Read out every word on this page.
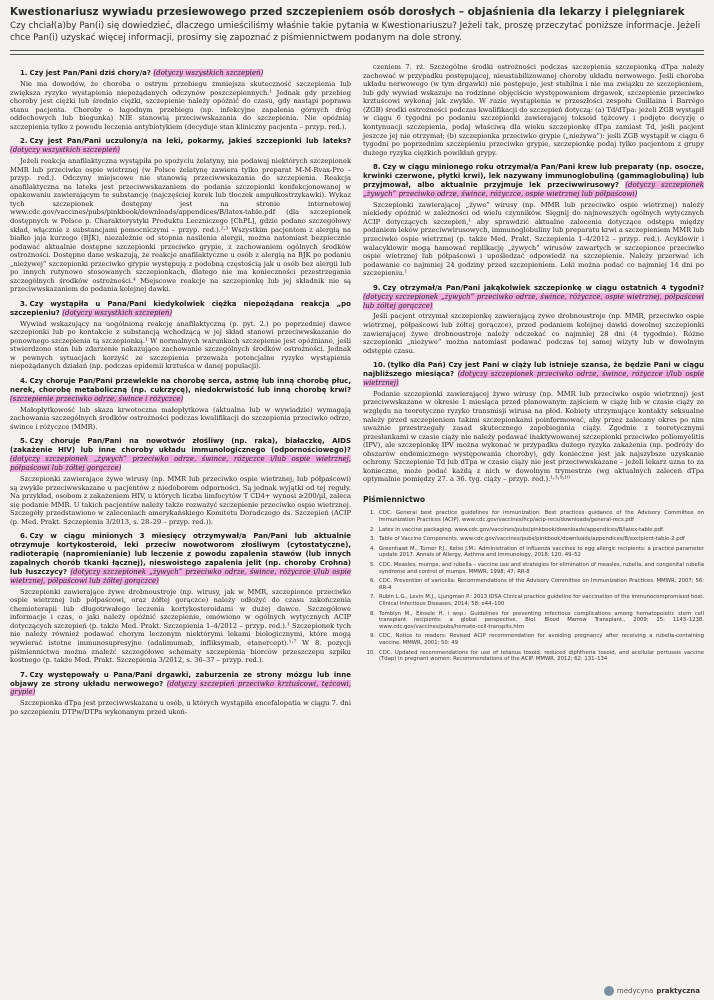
Kwestionariusz wywiadu przesiewowego przed szczepieniem osób dorosłych – objaśnienia dla lekarzy i pielęgniarek

Czy chciał(a)by Pan(i) się dowiedzieć, dlaczego umieściliśmy właśnie takie pytania w Kwestionariuszu? Jeżeli tak, proszę przeczytać poniższe informacje. Jeżeli chce Pan(i) uzyskać więcej informacji, prosimy się zapoznać z piśmiennictwem podanym na dole strony.

1. Czy jest Pan/Pani dziś chory/a? (dotyczy wszystkich szczepień)

Nie ma dowodów, że choroba o ostrym przebiegu zmniejsza skuteczność szczepienia lub zwiększa ryzyko wystąpienia niepożądanych odczynów poszczepiennych.¹ Jednak gdy przebieg choroby jest ciężki lub średnio ciężki, szczepienie należy opóźnić do czasu, gdy nastąpi poprawa stanu pacjenta. Choroby o łagodnym przebiegu (np. infekcyjne zapalenia górnych dróg oddechowych lub biegunka) NIE stanowią przeciwwskazania do szczepienia. Nie opóźniaj szczepienia tylko z powodu leczenia antybiotykiem (decyduje stan kliniczny pacjenta – przyp. red.).

2. Czy jest Pan/Pani uczulony/a na leki, pokarmy, jakieś szczepionki lub lateks? (dotyczy wszystkich szczepień)

Jeżeli reakcja anafilaktyczna wystąpiła po spożyciu żelatyny, nie podawaj niektórych szczepionek MMR lub przeciwko ospie wietrznej (w Polsce żelatynę zawiera tylko preparat M-M-Rvax-Pro – przyp. red.). Odczyny miejscowe nie stanowią przeciwwskazania do szczepienia. Reakcja anafilaktyczna na lateks jest przeciwwskazaniem do podania szczepionki konfekcjonowanej w opakowaniu zawierającym te substancję (najczęściej korek lub tłoczek ampułkostrzykawki). Wykaz tych szczepionek dostępny jest na stronie internetowej www.cdc.gov/vaccines/pubs/pinkbook/downloads/appendices/B/latex-table.pdf (dla szczepionek dostępnych w Polsce p. Charakterystyki Produktu Leczniczego [ChPL], gdzie podano szczegółowy skład, włącznie z substancjami pomocniczymi – przyp. red.).²˒³ Wszystkim pacjentom z alergią na białko jaja kurzego (BJK), niezależnie od stopnia nasilenia alergii, można natomiast bezpiecznie podawać aktualnie dostępne szczepionki przeciwko grypie, z zachowaniem ogólnych środków ostrożności. Dostępne dane wskazują, że reakcje anafilaktyczne u osób z alergią na BJK po podaniu „nieżywej” szczepionki przeciwko grypie występują z podobną częstością jak u osób bez alergii lub po innych rutynowo stosowanych szczepionkach, dlatego nie ma konieczności przestrzegania szczególnych środków ostrożności.⁴ Miejscowe reakcje na szczepionkę lub jej składnik nie są przeciwwskazaniem do podania kolejnej dawki.

3. Czy wystąpiła u Pana/Pani kiedykolwiek ciężka niepożądana reakcja „po szczepieniu? (dotyczy wszystkich szczepień)

Wywiad wskazujący na uogólnioną reakcję anafilaktyczną (p. pyt. 2.) po poprzedniej dawce szczepionki lub po kontakcie z substancją wchodzącą w jej skład stanowi przeciwwskazanie do ponownego szczepienia tą szczepionką.¹ W normalnych warunkach szczepienie jest opóźniane, jeśli stwierdzono stan lub zdarzenie nakazujące zachowanie szczególnych środków ostrożności. Jednak w pewnych sytuacjach korzyść ze szczepienia przeważa potencjalne ryzyko wystąpienia niepożądanych działań (np. podczas epidemii krztuśca w danej populacji).

4. Czy choruje Pan/Pani przewlekle na chorobę serca, astmę lub inną chorobę płuc, nerek, chorobę metaboliczną (np. cukrzycę), niedokrwistość lub inną chorobę krwi? (szczepienie przeciwko odrze, śwince i różyczce)

Małopłytkowość lub skaza krwotoczna małopłytkowa (aktualna lub w wywiadzie) wymagają zachowania szczególnych środków ostrożności podczas kwalifikacji do szczepienia przeciwko odrze, śwince i różyczce (MMR).

5. Czy choruje Pan/Pani na nowotwór złośliwy (np. raka), białaczkę, AIDS (zakażenie HIV) lub inne choroby układu immunologicznego (odpornościowego)? (dotyczy szczepionek „żywych” przeciwko odrze, śwince, różyczce i/lub ospie wietrznej, półpaścowi lub żółtej gorączce)

Szczepionki zawierające żywe wirusy (np. MMR lub przeciwko ospie wietrznej, lub półpaścowi) są zwykle przeciwwskazane u pacjentów z niedoborem odporności. Są jednak wyjątki od tej reguły. Na przykład, osobom z zakażeniem HIV, u których liczba limfocytów T CD4+ wynosi ≥200/µl, zaleca się podanie MMR. U takich pacjentów należy także rozważyć szczepienie przeciwko ospie wietrznej. Szczegóły przedstawiono w zaleceniach amerykańskiego Komitetu Doradczego ds. Szczepień (ACIP (p. Med. Prakt. Szczepienia 3/2013, s. 28–29 – przyp. red.)).

6. Czy w ciągu minionych 3 miesięcy otrzymywał/a Pan/Pani lub aktualnie otrzymuje kortykosteroid, leki przeciw nowotworom złośliwym (cytostatyczne), radioterapię (napromienianie) lub leczenie z powodu zapalenia stawów (lub innych zapalnych chorób tkanki łącznej), nieswoistego zapalenia jelit (np. choroby Crohna) lub łuszczycy? (dotyczy szczepionek „żywych” przeciwko odrze, śwince, różyczce i/lub ospie wietrznej, półpaścowi lub żółtej gorączce)

Szczepionki zawierające żywe drobnoustroje (np. wirusy, jak w MMR, szczepionce przeciwko ospie wietrznej lub półpaścowi, oraz żółtej gorączce) należy odłożyć do czasu zakończenia chemioterapii lub długotrwałego leczenia kortykosteroidami w dużej dawce. Szczegółowe informacje i czas, o jaki należy opóźnić szczepienie, omówiono w ogólnych wytycznych ACIP dotyczących szczepień (p. także Med. Prakt. Szczepienia 1–4/2012 – przyp. red.).¹ Szczepionek tych nie należy również podawać chorym leczonym niektórymi lekami biologicznymi, które mogą wywierać istotne immunosupresyjne (adalimumab, infliksymab, etanercept).¹˒⁷ W 8. pozycji piśmiennictwa można znaleźć szczegółowe schematy szczepienia biorców przeszczepu szpiku kostnego (p. także Med. Prakt. Szczepienia 3/2012, s. 36–37 – przyp. red.).

7. Czy występowały u Pana/Pani drgawki, zaburzenia ze strony mózgu lub inne objawy ze strony układu nerwowego? (dotyczy szczepień przeciwko krztuścowi, tężcowi, grypie)

Szczepionka dTpa jest przeciwwskazana u osób, u których wystąpiła encefalopatia w ciągu 7. dni po szczepieniu DTPw/DTPa wykonanym przed ukoń-

czeniem 7. rż. Szczególne środki ostrożności podczas szczepienia szczepionką dTpa należy zachować w przypadku postępującej, nieustabilizowanej choroby układu nerwowego. Jeśli choroba układu nerwowego (w tym drgawki) nie postępuje, jest stabilna i nie ma związku ze szczepieniem, lub gdy wywiad wskazuje na rodzinne objęciście występowaniem drgawek, szczepienie przeciwko krztuścowi wykonaj jak zwykle. W razie wystąpienia w przeszłości zespołu Guillaina i Barrégo (ZGB) środki ostrożności podczas kwalifikacji do szczepień dotyczą: (a) Td/dTpa: jeżeli ZGB wystąpił w ciągu 6 tygodni po podaniu szczepionki zawierającej toksoid tężcowy i podjęto decyzję o kontynuacji szczepienia, podaj właściwą dla wieku szczepionkę dTpa zamiast Td, jeśli pacjent jeszcze jej nie otrzymał; (b) szczepionka przeciwko grypie („nieżywa”): jeśli ZGB wystąpił w ciągu 6 tygodni po poprzednim szczepieniu przeciwko grypie, szczepionkę podaj tylko pacjentom z grupy dużego ryzyka ciężkich powikłań grypy.

8. Czy w ciągu minionego roku otrzymał/a Pan/Pani krew lub preparaty (np. osocze, krwinki czerwone, płytki krwi), lek nazywany immunoglobuliną (gammaglobuliną) lub przyjmował, albo aktualnie przyjmuje lek przeciwwirusowy? (dotyczy szczepionek „żywych” przeciwko odrze, śwince, różyczce, ospie wietrznej lub półpaścowi)

Szczepionki zawierającej „żywe” wirusy (np. MMR lub przeciwko ospie wietrznej) należy niekiedy opóźnić w zależności od wielu czynników. Sięgnij do najnowszych ogólnych wytycznych ACIP dotyczących szczepień,¹ aby sprawdzić aktualne zalecenia dotyczące odstępu między podaniem leków przeciwwirusowych, immunoglobuliny lub preparatu krwi a szczepieniem MMR lub przeciwko ospie wietrznej (p. także Med. Prakt. Szczepienia 1–4/2012 – przyp. red.). Acyklowir i walacyklowir mogą hamować replikację „żywych” wirusów zawartych w szczepionce przeciwko ospie wietrznej lub półpaścowi i upośledzać odpowiedź na szczepienie. Należy przerwać ich podawanie co najmniej 24 godziny przed szczepieniem. Leki można podać co najmniej 14 dni po szczepieniu.¹

9. Czy otrzymał/a Pan/Pani jakąkolwiek szczepionkę w ciągu ostatnich 4 tygodni? (dotyczy szczepionek „żywych” przeciwko odrze, śwince, różyczce, ospie wietrznej, półpaścowi lub żółtej gorączce)

Jeśli pacjent otrzymał szczepionkę zawierającą żywe drobnoustroje (np. MMR, przeciwko ospie wietrznej, półpaścowi lub żółtej gorączce), przed podaniem kolejnej dawki dowolnej szczepionki zawierającej żywe drobnoustroje należy odczekać co najmniej 28 dni (4 tygodnie). Różne szczepionki „nieżywe” można natomiast podawać podczas tej samej wizyty lub w dowolnym odstępie czasu.

10. (tylko dla Pań) Czy jest Pani w ciąży lub istnieje szansa, że będzie Pani w ciągu najbliższego miesiąca? (dotyczy szczepionek przeciwko odrze, śwince, różyczce i/lub ospie wietrznej)

Podanie szczepionki zawierającej żywe wirusy (np. MMR lub przeciwko ospie wietrznej) jest przeciwwskazane w okresie 1 miesiąca przed planowanym zajściem w ciążę lub w czasie ciąży ze względu na teoretyczne ryzyko transmisji wirusa na płód. Kobiety utrzymujące kontakty seksualne należy przed szczepieniem takimi szczepionkami poinformować, aby przez zalecany okres po nim uważnie przestrzegały zasad skutecznego zapobiegania ciąży. Zgodnie z teoretycznymi przesłankami w czasie ciąży nie należy podawać inaktywowanej szczepionki przeciwko poliomyelitis (IPV), ale szczepionkę IPV można wykonać w przypadku dużego ryzyka zakażenia (np. podróży do obszarów endemicznego występowania choroby), gdy konieczne jest jak najszybsze uzyskanie ochrony. Szczepienie Td lub dTpa w czasie ciąży nie jest przeciwwskazane – jeżeli lekarz uzna to za konieczne, może podać każdą z nich w dowolnym trymestrze (wg aktualnych zaleceń dTpa optymalnie pomiędzy 27. a 36. tyg. ciąży – przyp. red.).¹˒³˒⁹˒¹⁰

Piśmiennictwo
1. CDC. General best practice guidelines for immunization. Best practices guidance of the Advisory Committee on Immunization Practices (ACIP). www.cdc.gov/vaccines/hcp/acip-recs/downloads/general-recs.pdf
2. Latex in vaccine packaging. www.cdc.gov/vaccines/pubs/pinkbook/downloads/appendices/B/latex-table.pdf.
3. Table of Vaccine Components. www.cdc.gov/vaccines/pubs/pinkbook/downloads/appendices/B/excipient-table-2.pdf
4. Greenhawt M., Turner P.J., Kelso J.M.: Administration of influenza vaccines to egg allergic recipients: a practice parameter update 2017. Annals of Allergy, Asthma and Immunology, 2018; 120: 49–52
5. CDC. Measles, mumps, and rubella – vaccine use and strategies for elimination of measles, rubella, and congenital rubella syndrome and control of mumps. MMWR, 1998; 47: RR-8
6. CDC. Prevention of varicella: Recommendations of the Advisory Committee on Immunization Practices. MMWR, 2007; 56: RR-4
7. Rubin L.G., Levin M.J., Ljungman P.: 2013 IDSA Clinical practice guideline for vaccination of the immunocompromised host. Clinical Infectious Diseases, 2014; 58: e44–100
8. Tomblyn M., Einsele H. i wsp.: Guidelines for preventing infectious complications among hematopoietic stem cell transplant recipients: a global perspective. Biol. Blood Marrow Transplant., 2009; 15: 1143–1238. www.cdc.gov/vaccines/pubs/hemato-cell-transplts.htm
9. CDC. Notice to readers: Revised ACIP recommendation for avoiding pregnancy after receiving a rubella-containing vaccine. MMWR, 2001; 50: 49
10. CDC. Updated recommendations for use of tetanus toxoid, reduced diphtheria toxoid, and acellular pertussis vaccine (Tdap) in pregnant women: Recommendations of the ACIP. MMWR, 2012; 62: 131–134
medycyna praktyczna
